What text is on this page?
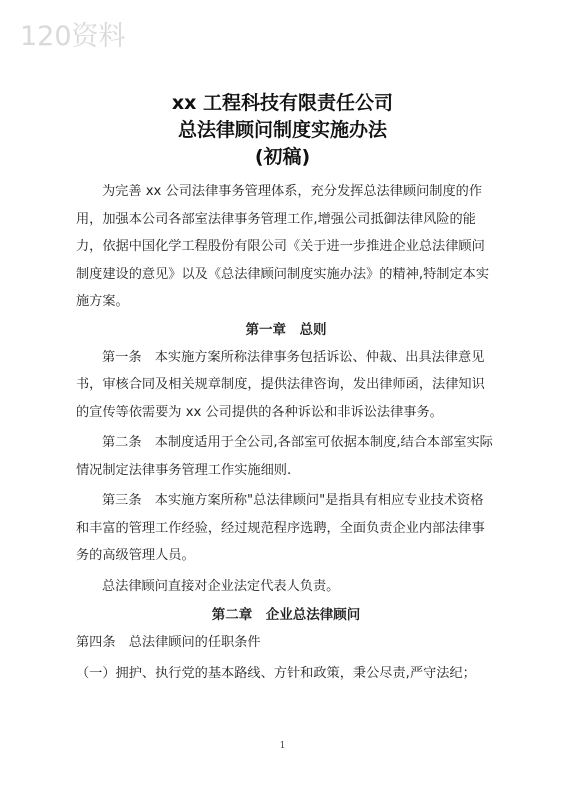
120资料
xx 工程科技有限责任公司
总法律顾问制度实施办法
(初稿)

为完善 xx 公司法律事务管理体系，充分发挥总法律顾问制度的作用，加强本公司各部室法律事务管理工作,增强公司抵御法律风险的能力，依据中国化学工程股份有限公司《关于进一步推进企业总法律顾问制度建设的意见》以及《总法律顾问制度实施办法》的精神,特制定本实施方案。

第一章　总则

第一条　本实施方案所称法律事务包括诉讼、仲裁、出具法律意见书，审核合同及相关规章制度，提供法律咨询，发出律师函，法律知识的宣传等依需要为 xx 公司提供的各种诉讼和非诉讼法律事务。

第二条　本制度适用于全公司,各部室可依据本制度,结合本部室实际情况制定法律事务管理工作实施细则.

第三条　本实施方案所称"总法律顾问"是指具有相应专业技术资格和丰富的管理工作经验，经过规范程序选聘，全面负责企业内部法律事务的高级管理人员。

总法律顾问直接对企业法定代表人负责。

第二章　企业总法律顾问

第四条　总法律顾问的任职条件

（一）拥护、执行党的基本路线、方针和政策，秉公尽责,严守法纪；

1
